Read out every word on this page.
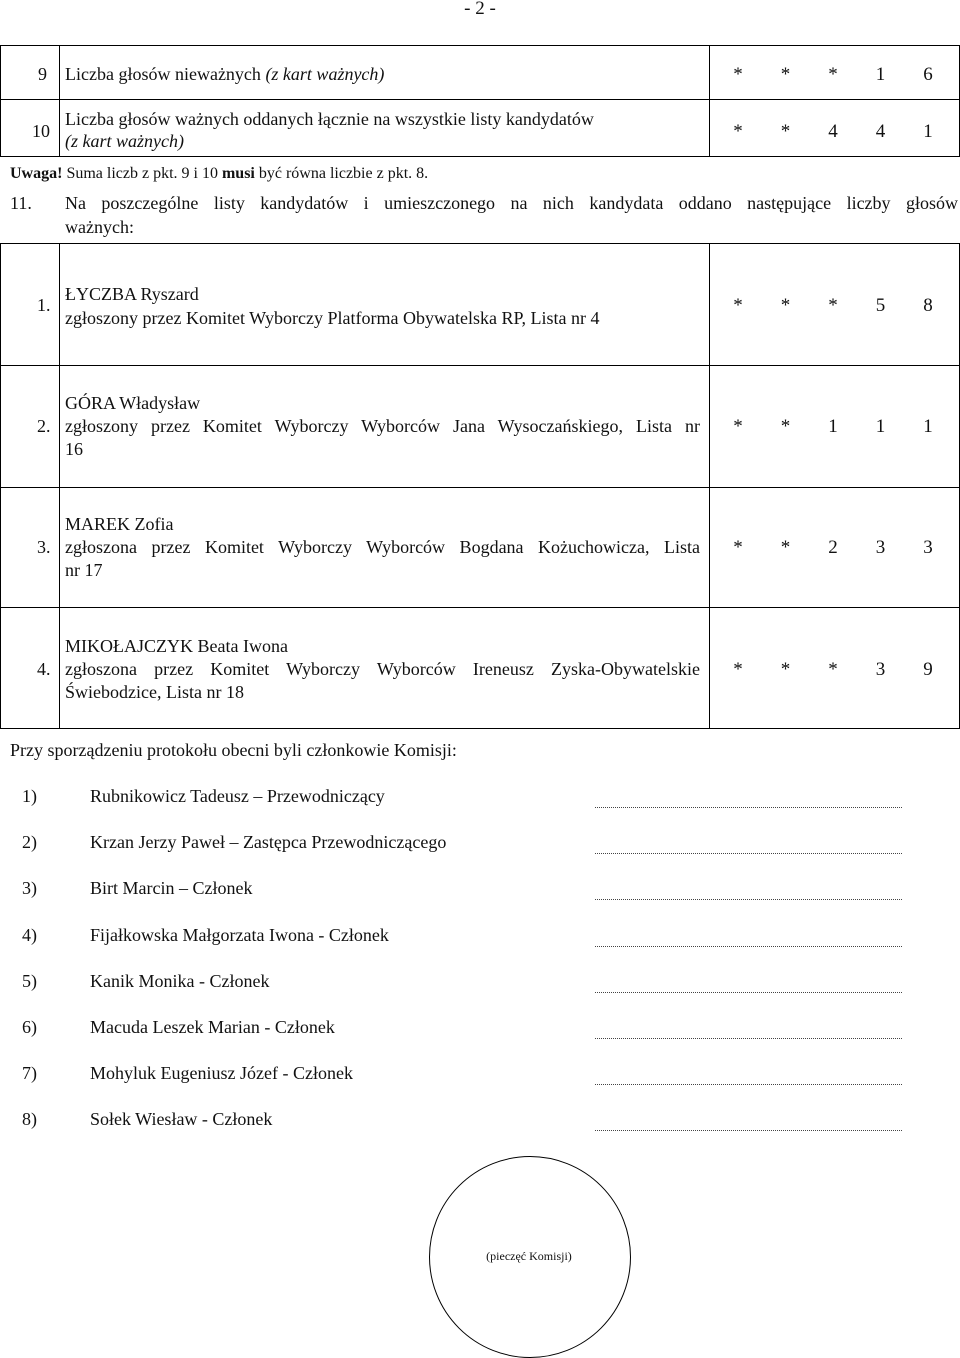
- 2 -
9 Liczba głosów nieważnych (z kart ważnych)	* * * 1 6
10
Liczba głosów ważnych oddanych łącznie na wszystkie listy kandydatów
(z kart ważnych)	* * 4 4 1
Uwaga! Suma liczb z pkt. 9 i 10 musi być równa liczbie z pkt. 8.
11. Na poszczególne listy kandydatów i umieszczonego na nich kandydata oddano następujące liczby głosów
ważnych:
1.
ŁYCZBA Ryszard
zgłoszony przez Komitet Wyborczy Platforma Obywatelska RP, Lista nr 4
* * * 5 8
2.
GÓRA Władysław
zgłoszony przez Komitet Wyborczy Wyborców Jana Wysoczańskiego, Lista nr
16
* * 1 1 1
3.
MAREK Zofia
zgłoszona przez Komitet Wyborczy Wyborców Bogdana Kożuchowicza, Lista
nr 17
* * 2 3 3
4.
MIKOŁAJCZYK Beata Iwona
zgłoszona przez Komitet Wyborczy Wyborców Ireneusz Zyska-Obywatelskie
Świebodzice, Lista nr 18
* * * 3 9
Przy sporządzeniu protokołu obecni byli członkowie Komisji:
1)	Rubnikowicz Tadeusz – Przewodniczący
2)	Krzan Jerzy Paweł – Zastępca Przewodniczącego
3)	Birt Marcin – Członek
4)	Fijałkowska Małgorzata Iwona - Członek
5)	Kanik Monika - Członek
6)	Macuda Leszek Marian - Członek
7)	Mohyluk Eugeniusz Józef - Członek
8)	Sołek Wiesław - Członek
(pieczęć Komisji)
